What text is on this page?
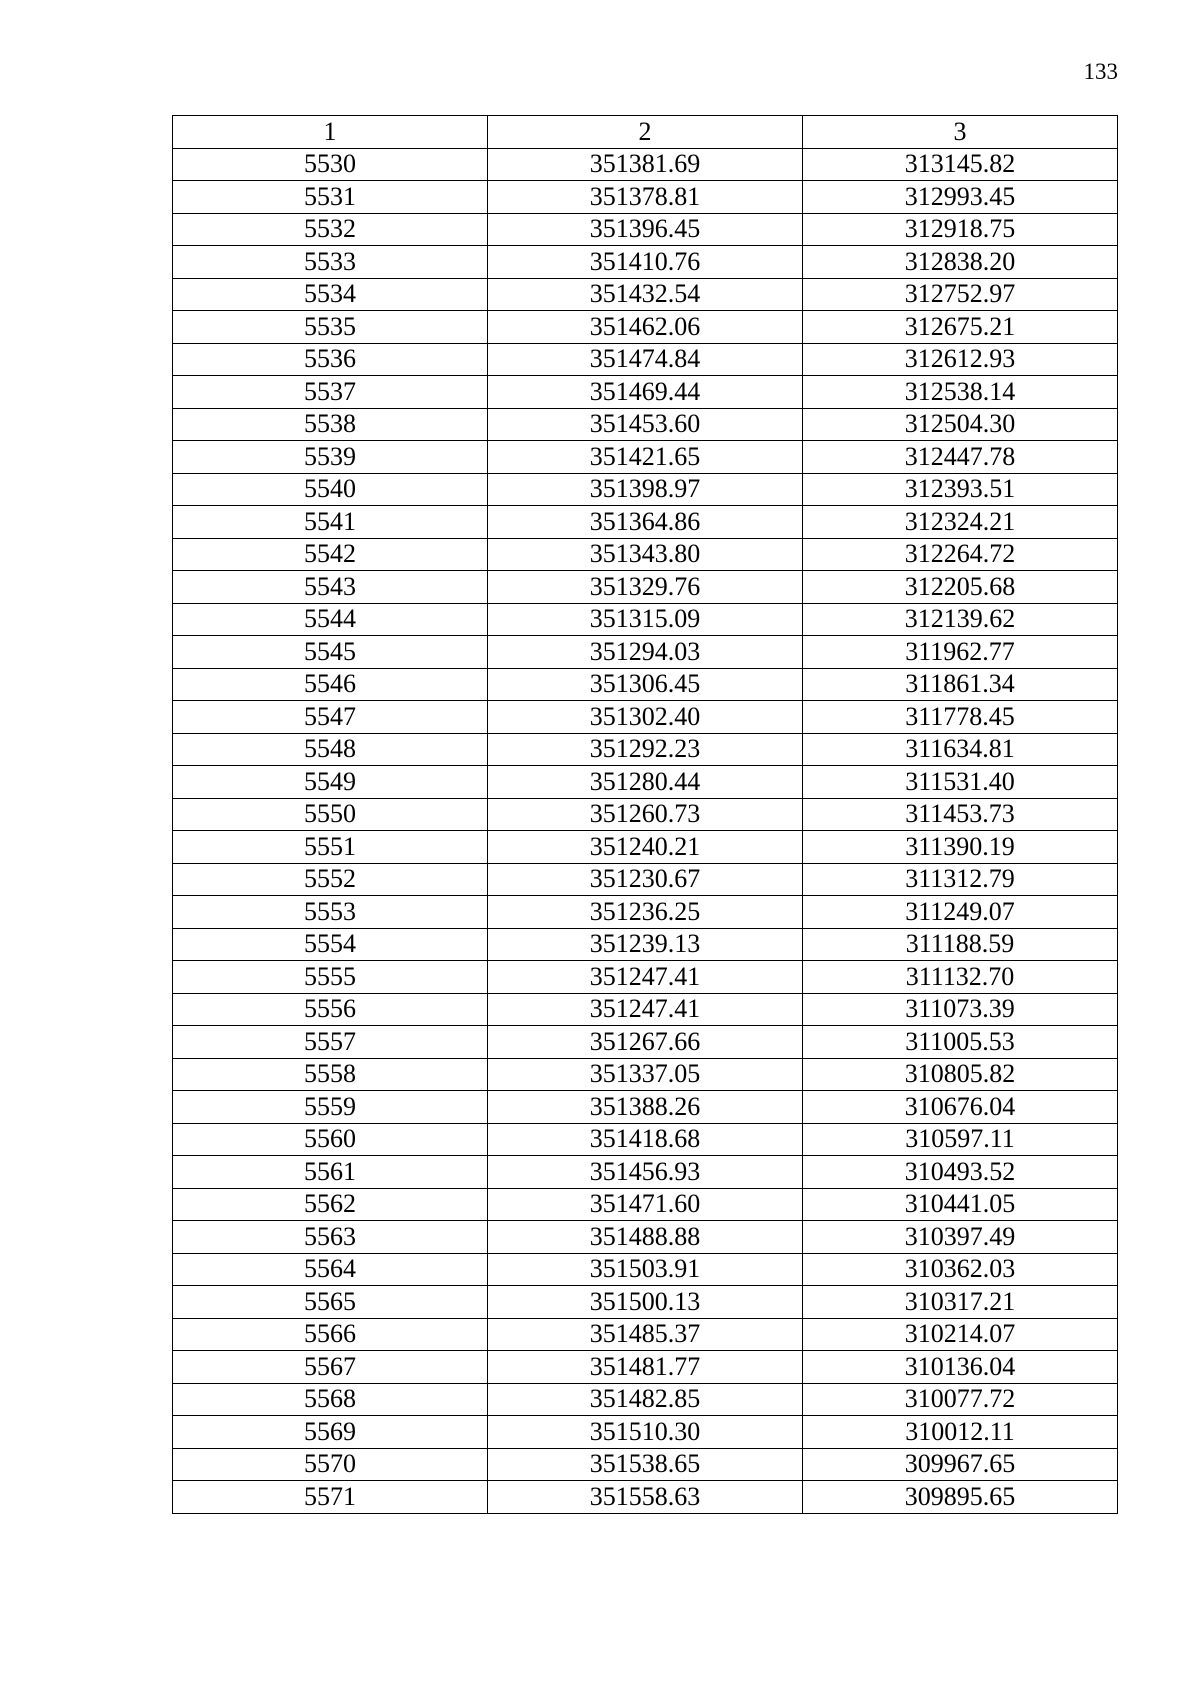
133
1	2	3
5530	351381.69	313145.82
5531	351378.81	312993.45
5532	351396.45	312918.75
5533	351410.76	312838.20
5534	351432.54	312752.97
5535	351462.06	312675.21
5536	351474.84	312612.93
5537	351469.44	312538.14
5538	351453.60	312504.30
5539	351421.65	312447.78
5540	351398.97	312393.51
5541	351364.86	312324.21
5542	351343.80	312264.72
5543	351329.76	312205.68
5544	351315.09	312139.62
5545	351294.03	311962.77
5546	351306.45	311861.34
5547	351302.40	311778.45
5548	351292.23	311634.81
5549	351280.44	311531.40
5550	351260.73	311453.73
5551	351240.21	311390.19
5552	351230.67	311312.79
5553	351236.25	311249.07
5554	351239.13	311188.59
5555	351247.41	311132.70
5556	351247.41	311073.39
5557	351267.66	311005.53
5558	351337.05	310805.82
5559	351388.26	310676.04
5560	351418.68	310597.11
5561	351456.93	310493.52
5562	351471.60	310441.05
5563	351488.88	310397.49
5564	351503.91	310362.03
5565	351500.13	310317.21
5566	351485.37	310214.07
5567	351481.77	310136.04
5568	351482.85	310077.72
5569	351510.30	310012.11
5570	351538.65	309967.65
5571	351558.63	309895.65
